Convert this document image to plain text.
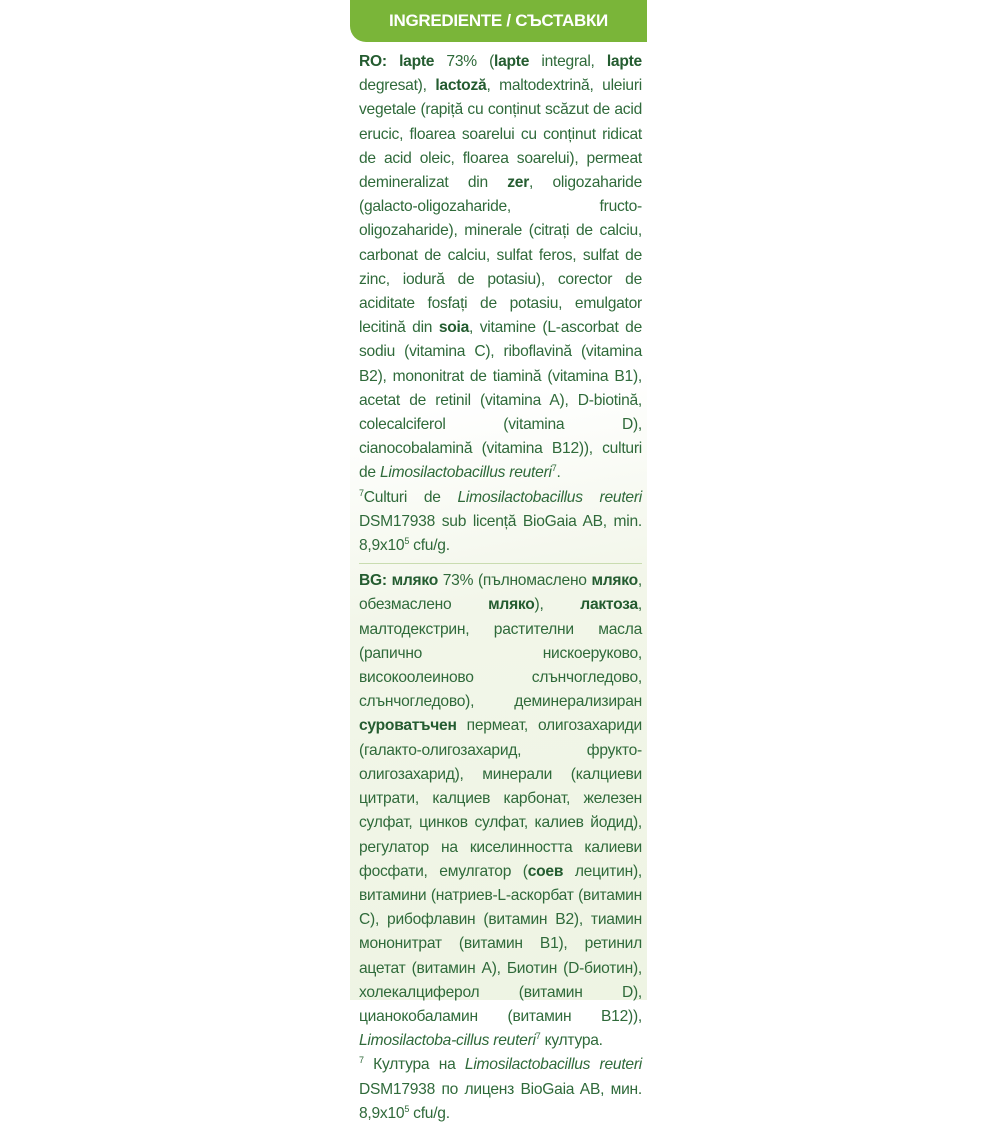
INGREDIENTE / СЪСТАВКИ

RO: lapte 73% (lapte integral, lapte degresat), lactoză, maltodextrină, uleiuri vegetale (rapiță cu conținut scăzut de acid erucic, floarea soarelui cu conținut ridicat de acid oleic, floarea soarelui), permeat demineralizat din zer, oligozaharide (galacto-oligozaharide, fructo-oligozaharide), minerale (citrați de calciu, carbonat de calciu, sulfat feros, sulfat de zinc, iodură de potasiu), corector de aciditate fosfați de potasiu, emulgator lecitină din soia, vitamine (L-ascorbat de sodiu (vitamina C), riboflavină (vitamina B2), mononitrat de tiamină (vitamina B1), acetat de retinil (vitamina A), D-biotină, colecalciferol (vitamina D), cianocobalamină (vitamina B12)), culturi de Limosilactobacillus reuteri$^7$.

$^7$Culturi de Limosilactobacillus reuteri DSM17938 sub licență BioGaia AB, min. $8,9x10^5$ cfu/g.

BG: мляко 73% (пълномаслено мляко, обезмаслено мляко), лактоза, малтодекстрин, растителни масла (рапично нискоеруково, високоолеиново слънчогледово, слънчогледово), деминерализиран суроватъчен пермеат, олигозахариди (галакто-олигозахарид, фрукто-олигозахарид), минерали (калциеви цитрати, калциев карбонат, железен сулфат, цинков сулфат, калиев йодид), регулатор на киселинността калиеви фосфати, емулгатор (соев лецитин), витамини (натриев-L-аскорбат (витамин С), рибофлавин (витамин В2), тиамин мононитрат (витамин В1), ретинил ацетат (витамин А), Биотин (D-биотин), холекалциферол (витамин D), цианокобаламин (витамин В12)), Limosilactoba-cillus reuteri$^7$ култура.

$^7$ Култура на Limosilactobacillus reuteri DSM17938 по лиценз BioGaia AB, мин. $8,9x10^5$ cfu/g.
